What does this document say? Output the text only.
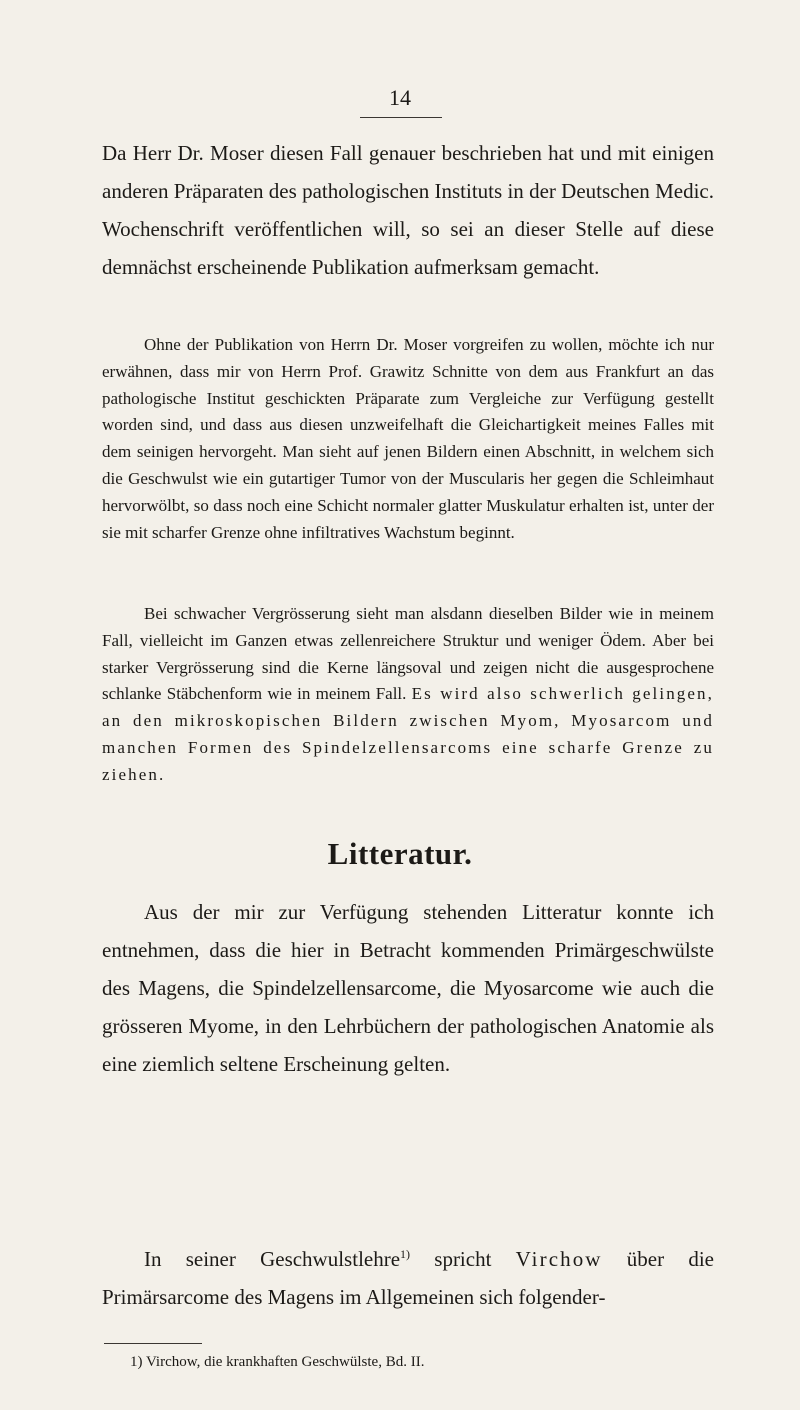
14

Da Herr Dr. Moser diesen Fall genauer beschrieben hat und mit einigen anderen Präparaten des pathologischen Instituts in der Deutschen Medic. Wochenschrift veröffentlichen will, so sei an dieser Stelle auf diese demnächst erscheinende Publikation aufmerksam gemacht.

Ohne der Publikation von Herrn Dr. Moser vorgreifen zu wollen, möchte ich nur erwähnen, dass mir von Herrn Prof. Grawitz Schnitte von dem aus Frankfurt an das pathologische Institut geschickten Präparate zum Vergleiche zur Verfügung gestellt worden sind, und dass aus diesen unzweifelhaft die Gleichartigkeit meines Falles mit dem seinigen hervorgeht. Man sieht auf jenen Bildern einen Abschnitt, in welchem sich die Geschwulst wie ein gutartiger Tumor von der Muscularis her gegen die Schleimhaut hervorwölbt, so dass noch eine Schicht normaler glatter Muskulatur erhalten ist, unter der sie mit scharfer Grenze ohne infiltratives Wachstum beginnt.

Bei schwacher Vergrösserung sieht man alsdann dieselben Bilder wie in meinem Fall, vielleicht im Ganzen etwas zellenreichere Struktur und weniger Ödem. Aber bei starker Vergrösserung sind die Kerne längsoval und zeigen nicht die ausgesprochene schlanke Stäbchenform wie in meinem Fall. Es wird also schwerlich gelingen, an den mikroskopischen Bildern zwischen Myom, Myosarcom und manchen Formen des Spindelzellensarcoms eine scharfe Grenze zu ziehen.

Litteratur.

Aus der mir zur Verfügung stehenden Litteratur konnte ich entnehmen, dass die hier in Betracht kommenden Primärgeschwülste des Magens, die Spindelzellensarcome, die Myosarcome wie auch die grösseren Myome, in den Lehrbüchern der pathologischen Anatomie als eine ziemlich seltene Erscheinung gelten.

In seiner Geschwulstlehre$^{1)}$ spricht Virchow über die Primärsarcome des Magens im Allgemeinen sich folgender-

1) Virchow, die krankhaften Geschwülste, Bd. II.
